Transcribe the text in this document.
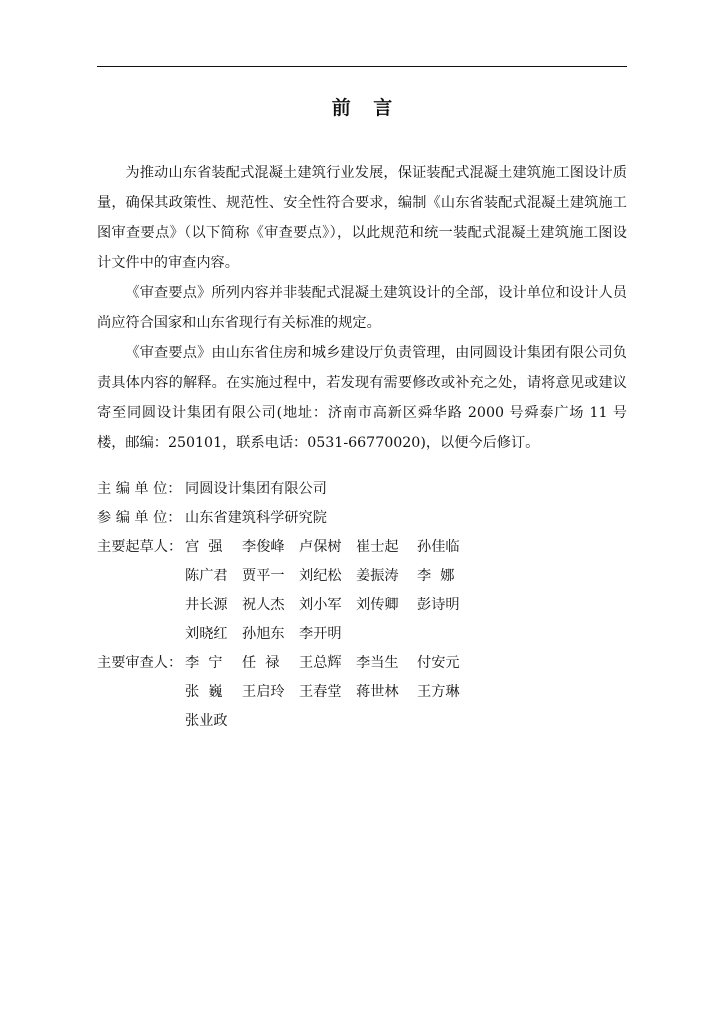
前 言

为推动山东省装配式混凝土建筑行业发展，保证装配式混凝土建筑施工图设计质量，确保其政策性、规范性、安全性符合要求，编制《山东省装配式混凝土建筑施工图审查要点》（以下简称《审查要点》），以此规范和统一装配式混凝土建筑施工图设计文件中的审查内容。

《审查要点》所列内容并非装配式混凝土建筑设计的全部，设计单位和设计人员尚应符合国家和山东省现行有关标准的规定。

《审查要点》由山东省住房和城乡建设厅负责管理，由同圆设计集团有限公司负责具体内容的解释。在实施过程中，若发现有需要修改或补充之处，请将意见或建议寄至同圆设计集团有限公司(地址：济南市高新区舜华路 2000 号舜泰广场 11 号楼，邮编：250101，联系电话：0531-66770020)，以便今后修订。

主 编 单 位： 同圆设计集团有限公司
参 编 单 位： 山东省建筑科学研究院
主要起草人： 宫  强	李俊峰	卢保树	崔士起	孙佳临
陈广君	贾平一	刘纪松	姜振涛	李  娜
井长源	祝人杰	刘小军	刘传卿	彭诗明
刘晓红	孙旭东	李开明
主要审查人： 李  宁	任  禄	王总辉	李当生	付安元
张  巍	王启玲	王春堂	蒋世林	王方琳
张业政
